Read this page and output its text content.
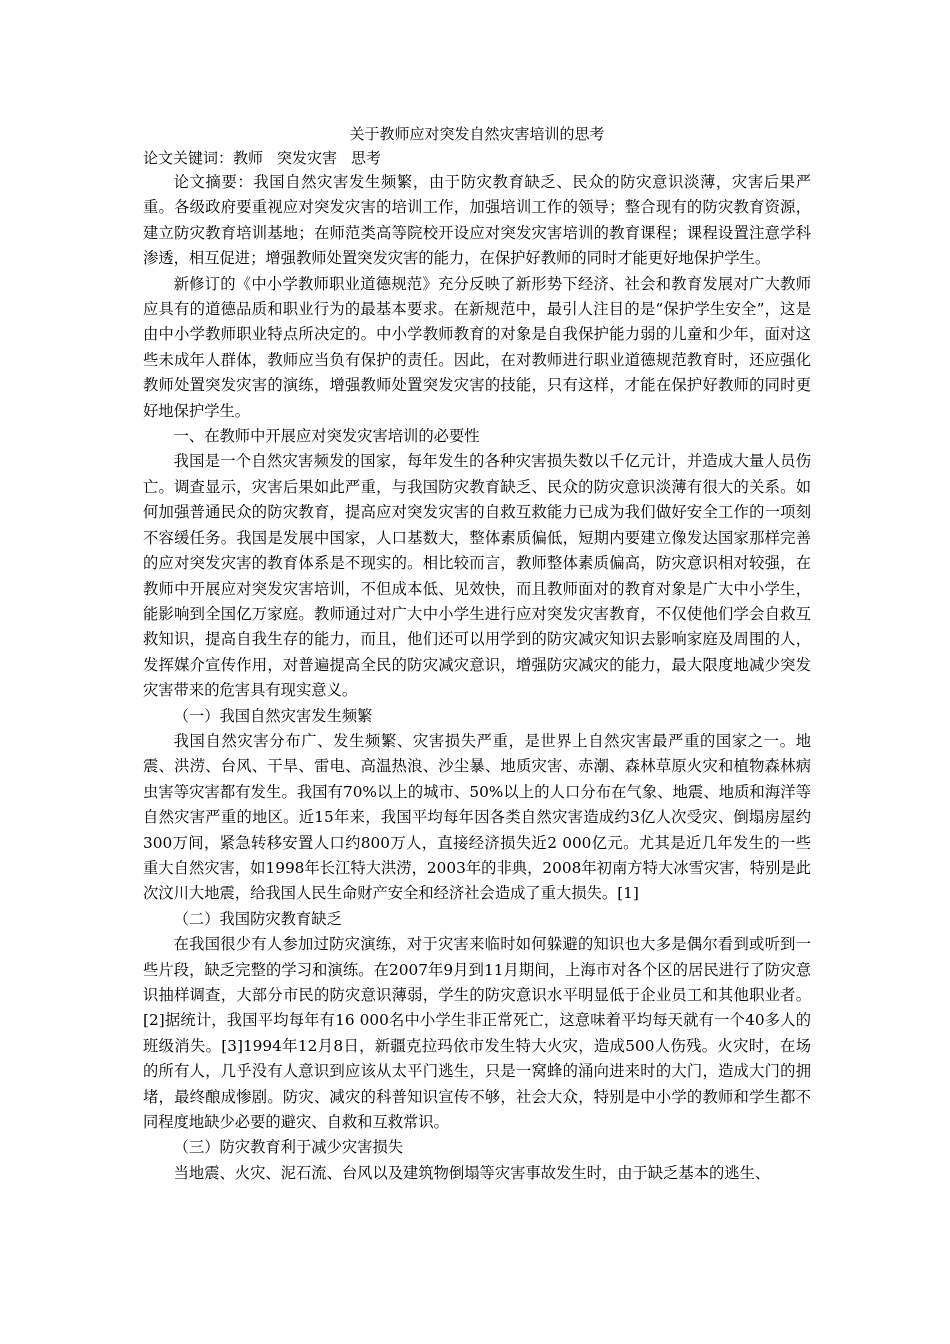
关于教师应对突发自然灾害培训的思考

论文关键词：教师 突发灾害 思考

论文摘要：我国自然灾害发生频繁，由于防灾教育缺乏、民众的防灾意识淡薄，灾害后果严重。各级政府要重视应对突发灾害的培训工作，加强培训工作的领导；整合现有的防灾教育资源，建立防灾教育培训基地；在师范类高等院校开设应对突发灾害培训的教育课程；课程设置注意学科渗透，相互促进；增强教师处置突发灾害的能力，在保护好教师的同时才能更好地保护学生。

新修订的《中小学教师职业道德规范》充分反映了新形势下经济、社会和教育发展对广大教师应具有的道德品质和职业行为的最基本要求。在新规范中，最引人注目的是“保护学生安全”，这是由中小学教师职业特点所决定的。中小学教师教育的对象是自我保护能力弱的儿童和少年，面对这些未成年人群体，教师应当负有保护的责任。因此，在对教师进行职业道德规范教育时，还应强化教师处置突发灾害的演练，增强教师处置突发灾害的技能，只有这样，才能在保护好教师的同时更好地保护学生。

一、在教师中开展应对突发灾害培训的必要性

我国是一个自然灾害频发的国家，每年发生的各种灾害损失数以千亿元计，并造成大量人员伤亡。调查显示，灾害后果如此严重，与我国防灾教育缺乏、民众的防灾意识淡薄有很大的关系。如何加强普通民众的防灾教育，提高应对突发灾害的自救互救能力已成为我们做好安全工作的一项刻不容缓任务。我国是发展中国家，人口基数大，整体素质偏低，短期内要建立像发达国家那样完善的应对突发灾害的教育体系是不现实的。相比较而言，教师整体素质偏高，防灾意识相对较强，在教师中开展应对突发灾害培训，不但成本低、见效快，而且教师面对的教育对象是广大中小学生，能影响到全国亿万家庭。教师通过对广大中小学生进行应对突发灾害教育，不仅使他们学会自救互救知识，提高自我生存的能力，而且，他们还可以用学到的防灾减灾知识去影响家庭及周围的人，发挥媒介宣传作用，对普遍提高全民的防灾减灾意识，增强防灾减灾的能力，最大限度地减少突发灾害带来的危害具有现实意义。

（一）我国自然灾害发生频繁

我国自然灾害分布广、发生频繁、灾害损失严重，是世界上自然灾害最严重的国家之一。地震、洪涝、台风、干旱、雷电、高温热浪、沙尘暴、地质灾害、赤潮、森林草原火灾和植物森林病虫害等灾害都有发生。我国有70%以上的城市、50%以上的人口分布在气象、地震、地质和海洋等自然灾害严重的地区。近15年来，我国平均每年因各类自然灾害造成约3亿人次受灾、倒塌房屋约300万间，紧急转移安置人口约800万人，直接经济损失近2 000亿元。尤其是近几年发生的一些重大自然灾害，如1998年长江特大洪涝，2003年的非典，2008年初南方特大冰雪灾害，特别是此次汶川大地震，给我国人民生命财产安全和经济社会造成了重大损失。[1]

（二）我国防灾教育缺乏

在我国很少有人参加过防灾演练，对于灾害来临时如何躲避的知识也大多是偶尔看到或听到一些片段，缺乏完整的学习和演练。在2007年9月到11月期间，上海市对各个区的居民进行了防灾意识抽样调查，大部分市民的防灾意识薄弱，学生的防灾意识水平明显低于企业员工和其他职业者。[2]据统计，我国平均每年有16 000名中小学生非正常死亡，这意味着平均每天就有一个40多人的班级消失。[3]1994年12月8日，新疆克拉玛依市发生特大火灾，造成500人伤残。火灾时，在场的所有人，几乎没有人意识到应该从太平门逃生，只是一窝蜂的涌向进来时的大门，造成大门的拥堵，最终酿成惨剧。防灾、减灾的科普知识宣传不够，社会大众，特别是中小学的教师和学生都不同程度地缺少必要的避灾、自救和互救常识。

（三）防灾教育利于减少灾害损失

当地震、火灾、泥石流、台风以及建筑物倒塌等灾害事故发生时，由于缺乏基本的逃生、
